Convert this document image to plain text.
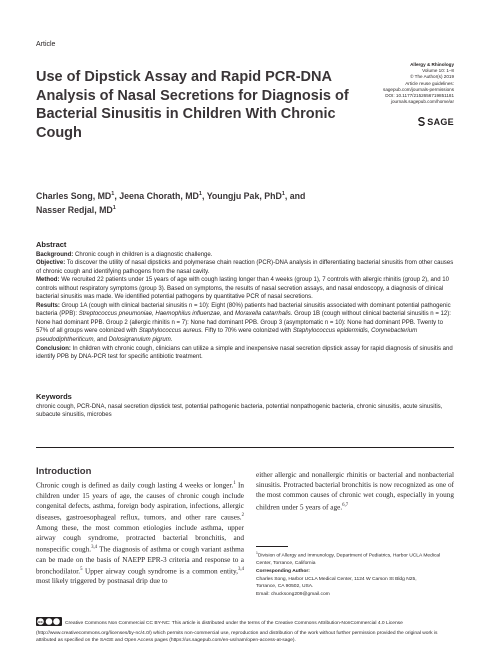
Article
Use of Dipstick Assay and Rapid PCR-DNA Analysis of Nasal Secretions for Diagnosis of Bacterial Sinusitis in Children With Chronic Cough
Allergy & Rhinology
Volume 10: 1–8
© The Author(s) 2019
Article reuse guidelines:
sagepub.com/journals-permissions
DOI: 10.1177/2152656719851181
journals.sagepub.com/home/ar
SAGE
Charles Song, $MD^1$, Jeena Chorath, $MD^1$, Youngju Pak, PhD$^1$, and
Nasser Redjal, $MD^1$
Abstract
Background: Chronic cough in children is a diagnostic challenge.
Objective: To discover the utility of nasal dipsticks and polymerase chain reaction (PCR)-DNA analysis in differentiating bacterial sinusitis from other causes of chronic cough and identifying pathogens from the nasal cavity.
Method: We recruited 22 patients under 15 years of age with cough lasting longer than 4 weeks (group 1), 7 controls with allergic rhinitis (group 2), and 10 controls without respiratory symptoms (group 3). Based on symptoms, the results of nasal secretion assays, and nasal endoscopy, a diagnosis of clinical bacterial sinusitis was made. We identified potential pathogens by quantitative PCR of nasal secretions.
Results: Group 1A (cough with clinical bacterial sinusitis n = 10): Eight (80%) patients had bacterial sinusitis associated with dominant potential pathogenic bacteria (PPB): Streptococcus pneumoniae, Haemophilus influenzae, and Moraxella catarrhalis. Group 1B (cough without clinical bacterial sinusitis n = 12): None had dominant PPB. Group 2 (allergic rhinitis n = 7): None had dominant PPB. Group 3 (asymptomatic n = 10): None had dominant PPB. Twenty to 57% of all groups were colonized with Staphylococcus aureus. Fifty to 70% were colonized with Staphylococcus epidermidis, Corynebacterium pseudodiphtheriticum, and Dolosigranulum pigrum.
Conclusion: In children with chronic cough, clinicians can utilize a simple and inexpensive nasal secretion dipstick assay for rapid diagnosis of sinusitis and identify PPB by DNA-PCR test for specific antibiotic treatment.
Keywords
chronic cough, PCR-DNA, nasal secretion dipstick test, potential pathogenic bacteria, potential nonpathogenic bacteria, chronic sinusitis, acute sinusitis, subacute sinusitis, microbes
Introduction
Chronic cough is defined as daily cough lasting 4 weeks or longer.$^1$ In children under 15 years of age, the causes of chronic cough include congenital defects, asthma, foreign body aspiration, infections, allergic diseases, gastroesophageal reflux, tumors, and other rare causes.$^2$ Among these, the most common etiologies include asthma, upper airway cough syndrome, protracted bacterial bronchitis, and nonspecific cough.$^{3,4}$ The diagnosis of asthma or cough variant asthma can be made on the basis of NAEPP EPR-3 criteria and response to a bronchodilator.$^5$ Upper airway cough syndrome is a common entity,$^{3,4}$ most likely triggered by postnasal drip due to
either allergic and nonallergic rhinitis or bacterial and nonbacterial sinusitis. Protracted bacterial bronchitis is now recognized as one of the most common causes of chronic wet cough, especially in young children under 5 years of age.$^{6,7}$
$^1$Division of Allergy and Immunology, Department of Pediatrics, Harbor UCLA Medical Center, Torrance, California
Corresponding Author:
Charles Song, Harbor UCLA Medical Center, 1124 W Carson St Bldg N25,
Torrance, CA 90502, USA.
Email: chucksong209@gmail.com
cc	Creative Commons Non Commercial CC BY-NC: This article is distributed under the terms of the Creative Commons Attribution-NonCommercial 4.0 License (http://www.creativecommons.org/licenses/by-nc/4.0/) which permits non-commercial use, reproduction and distribution of the work without further permission provided the original work is attributed as specified on the SAGE and Open Access pages (https://us.sagepub.com/en-us/nam/open-access-at-sage).
